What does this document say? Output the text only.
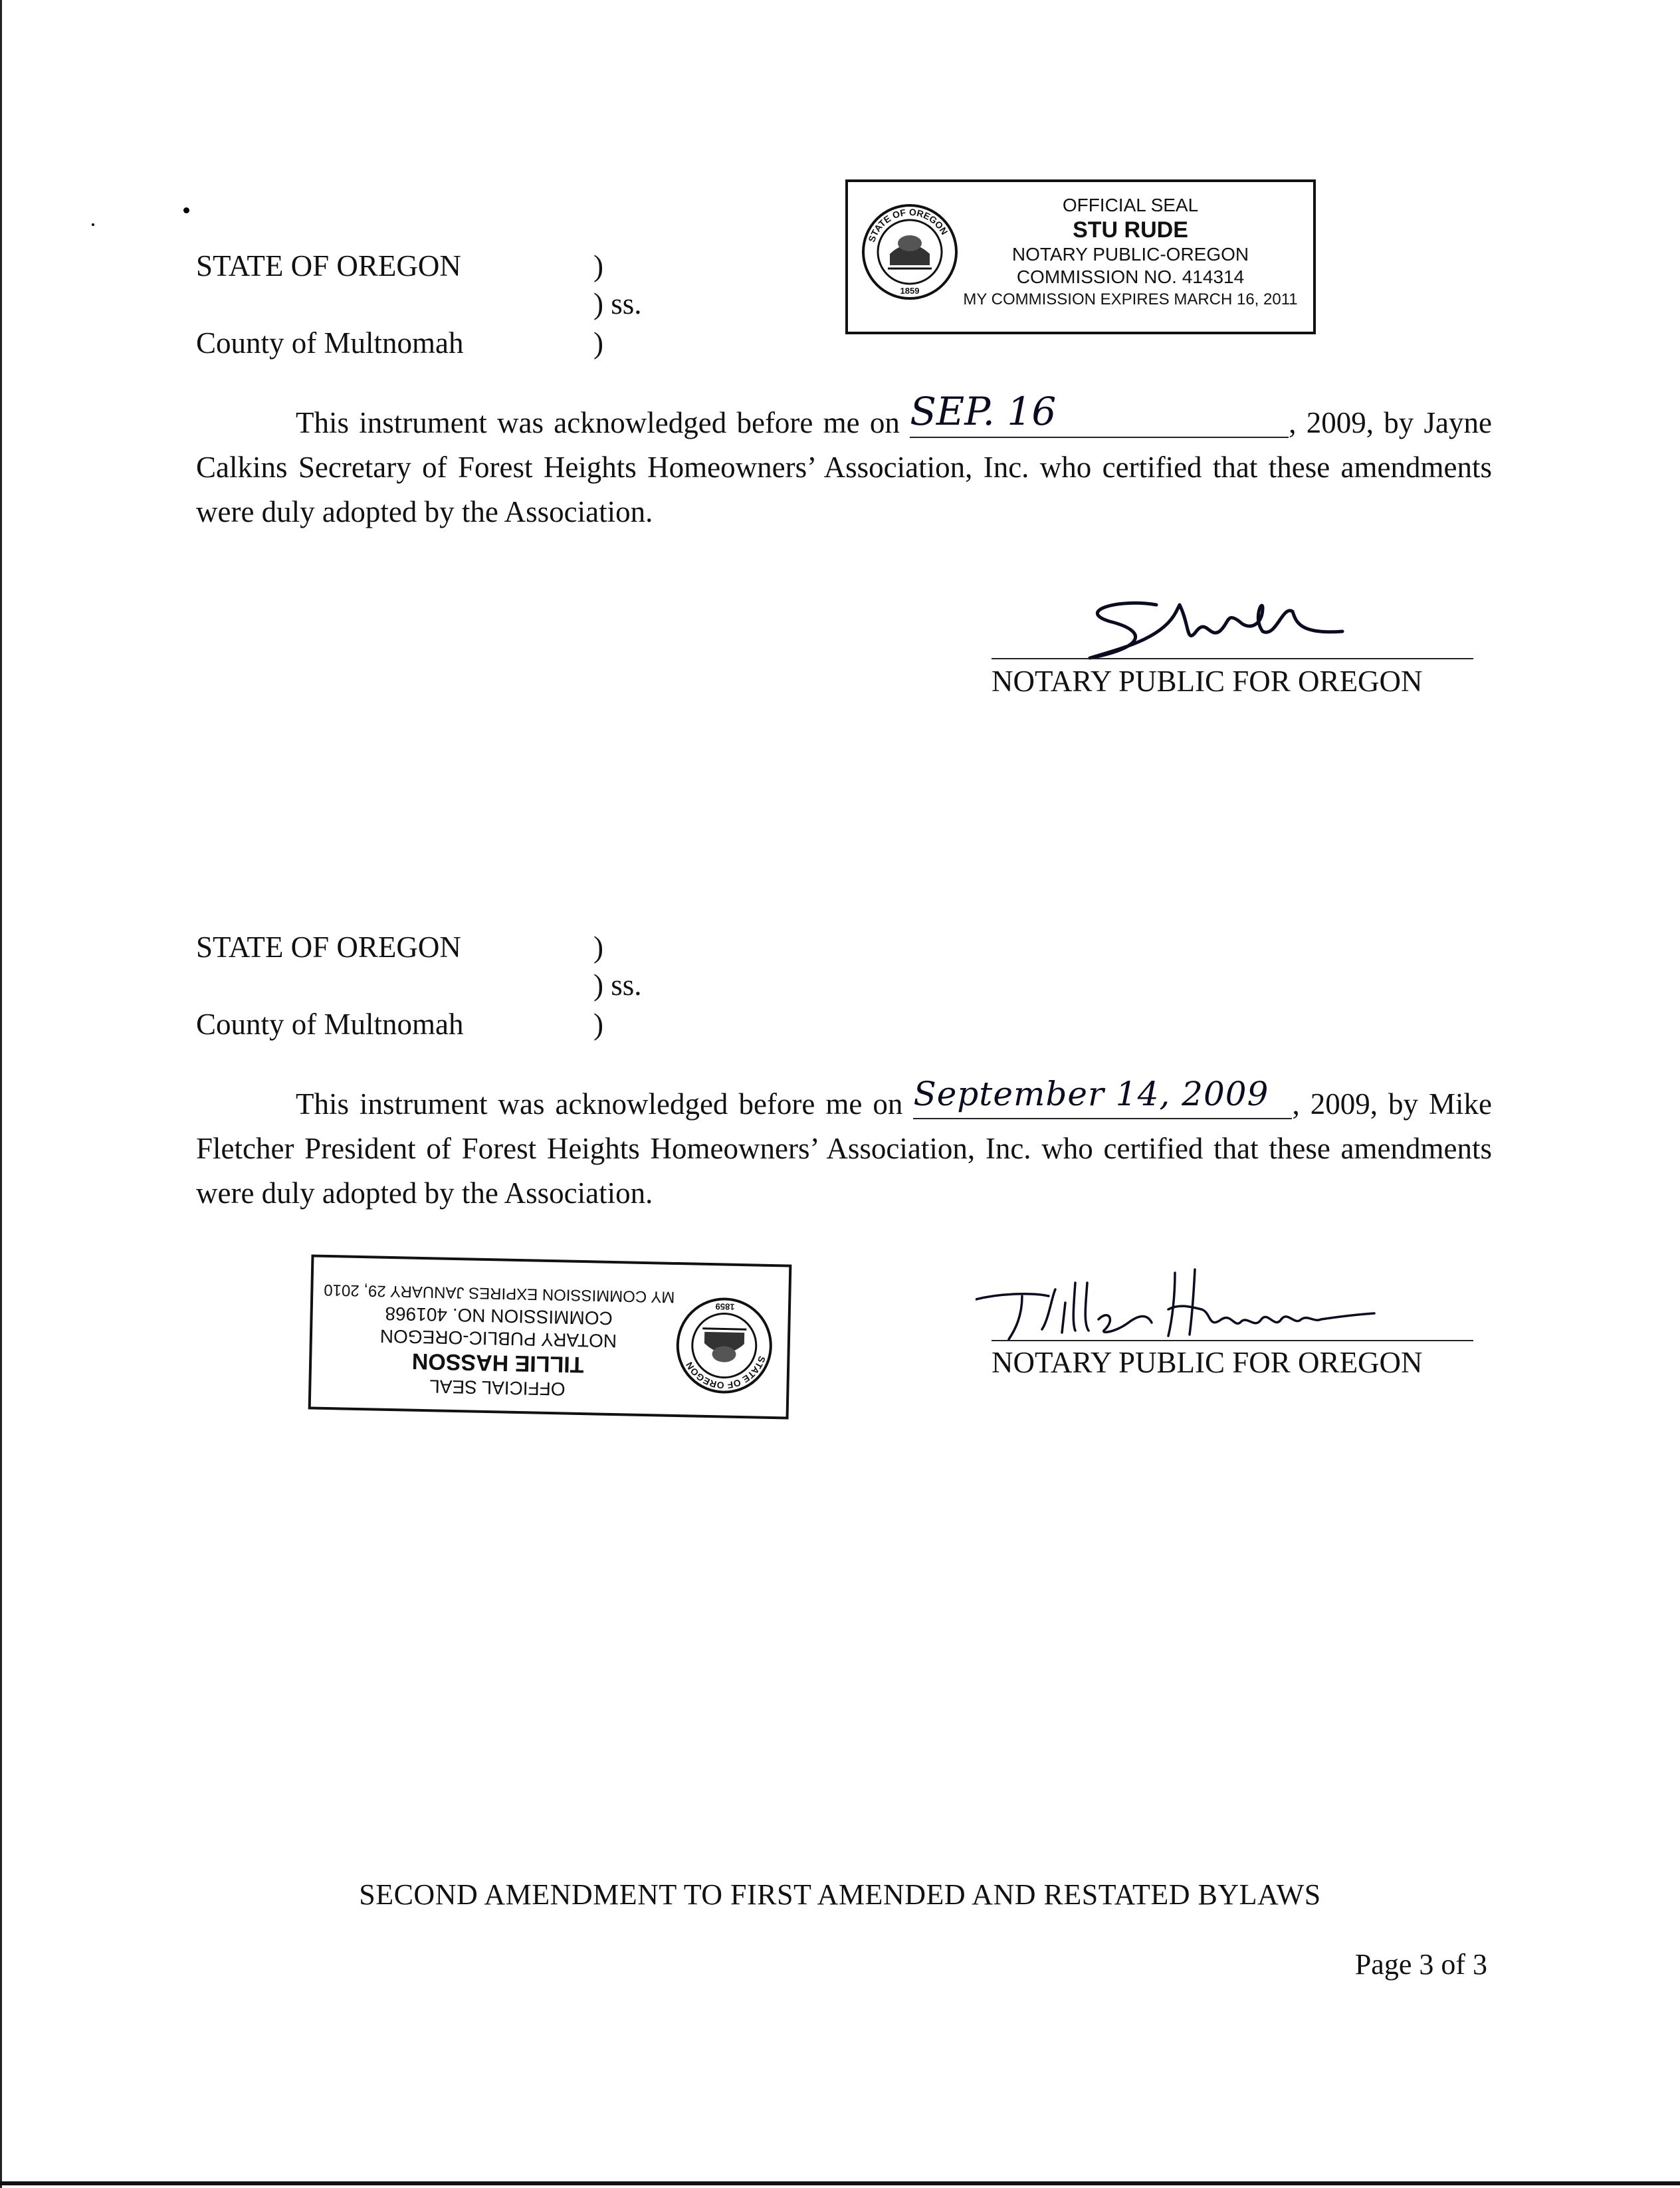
STATE OF OREGON	)
) ss.
County of Multnomah	)
STATE OF OREGON
1859
OFFICIAL SEAL
STU RUDE
NOTARY PUBLIC-OREGON
COMMISSION NO. 414314
MY COMMISSION EXPIRES MARCH 16, 2011
This instrument was acknowledged before me on SEP. 16	, 2009, by Jayne Calkins Secretary of Forest Heights Homeowners’ Association, Inc. who certified that these amendments were duly adopted by the Association.
NOTARY PUBLIC FOR OREGON
STATE OF OREGON	)
) ss.
County of Multnomah	)
This instrument was acknowledged before me on September 14, 2009 , 2009, by Mike Fletcher President of Forest Heights Homeowners’ Association, Inc. who certified that these amendments were duly adopted by the Association.
STATE OF OREGON
1859
OFFICIAL SEAL
TILLIE HASSON
NOTARY PUBLIC-OREGON
COMMISSION NO. 401968
MY COMMISSION EXPIRES JANUARY 29, 2010
NOTARY PUBLIC FOR OREGON
SECOND AMENDMENT TO FIRST AMENDED AND RESTATED BYLAWS
Page 3 of 3
